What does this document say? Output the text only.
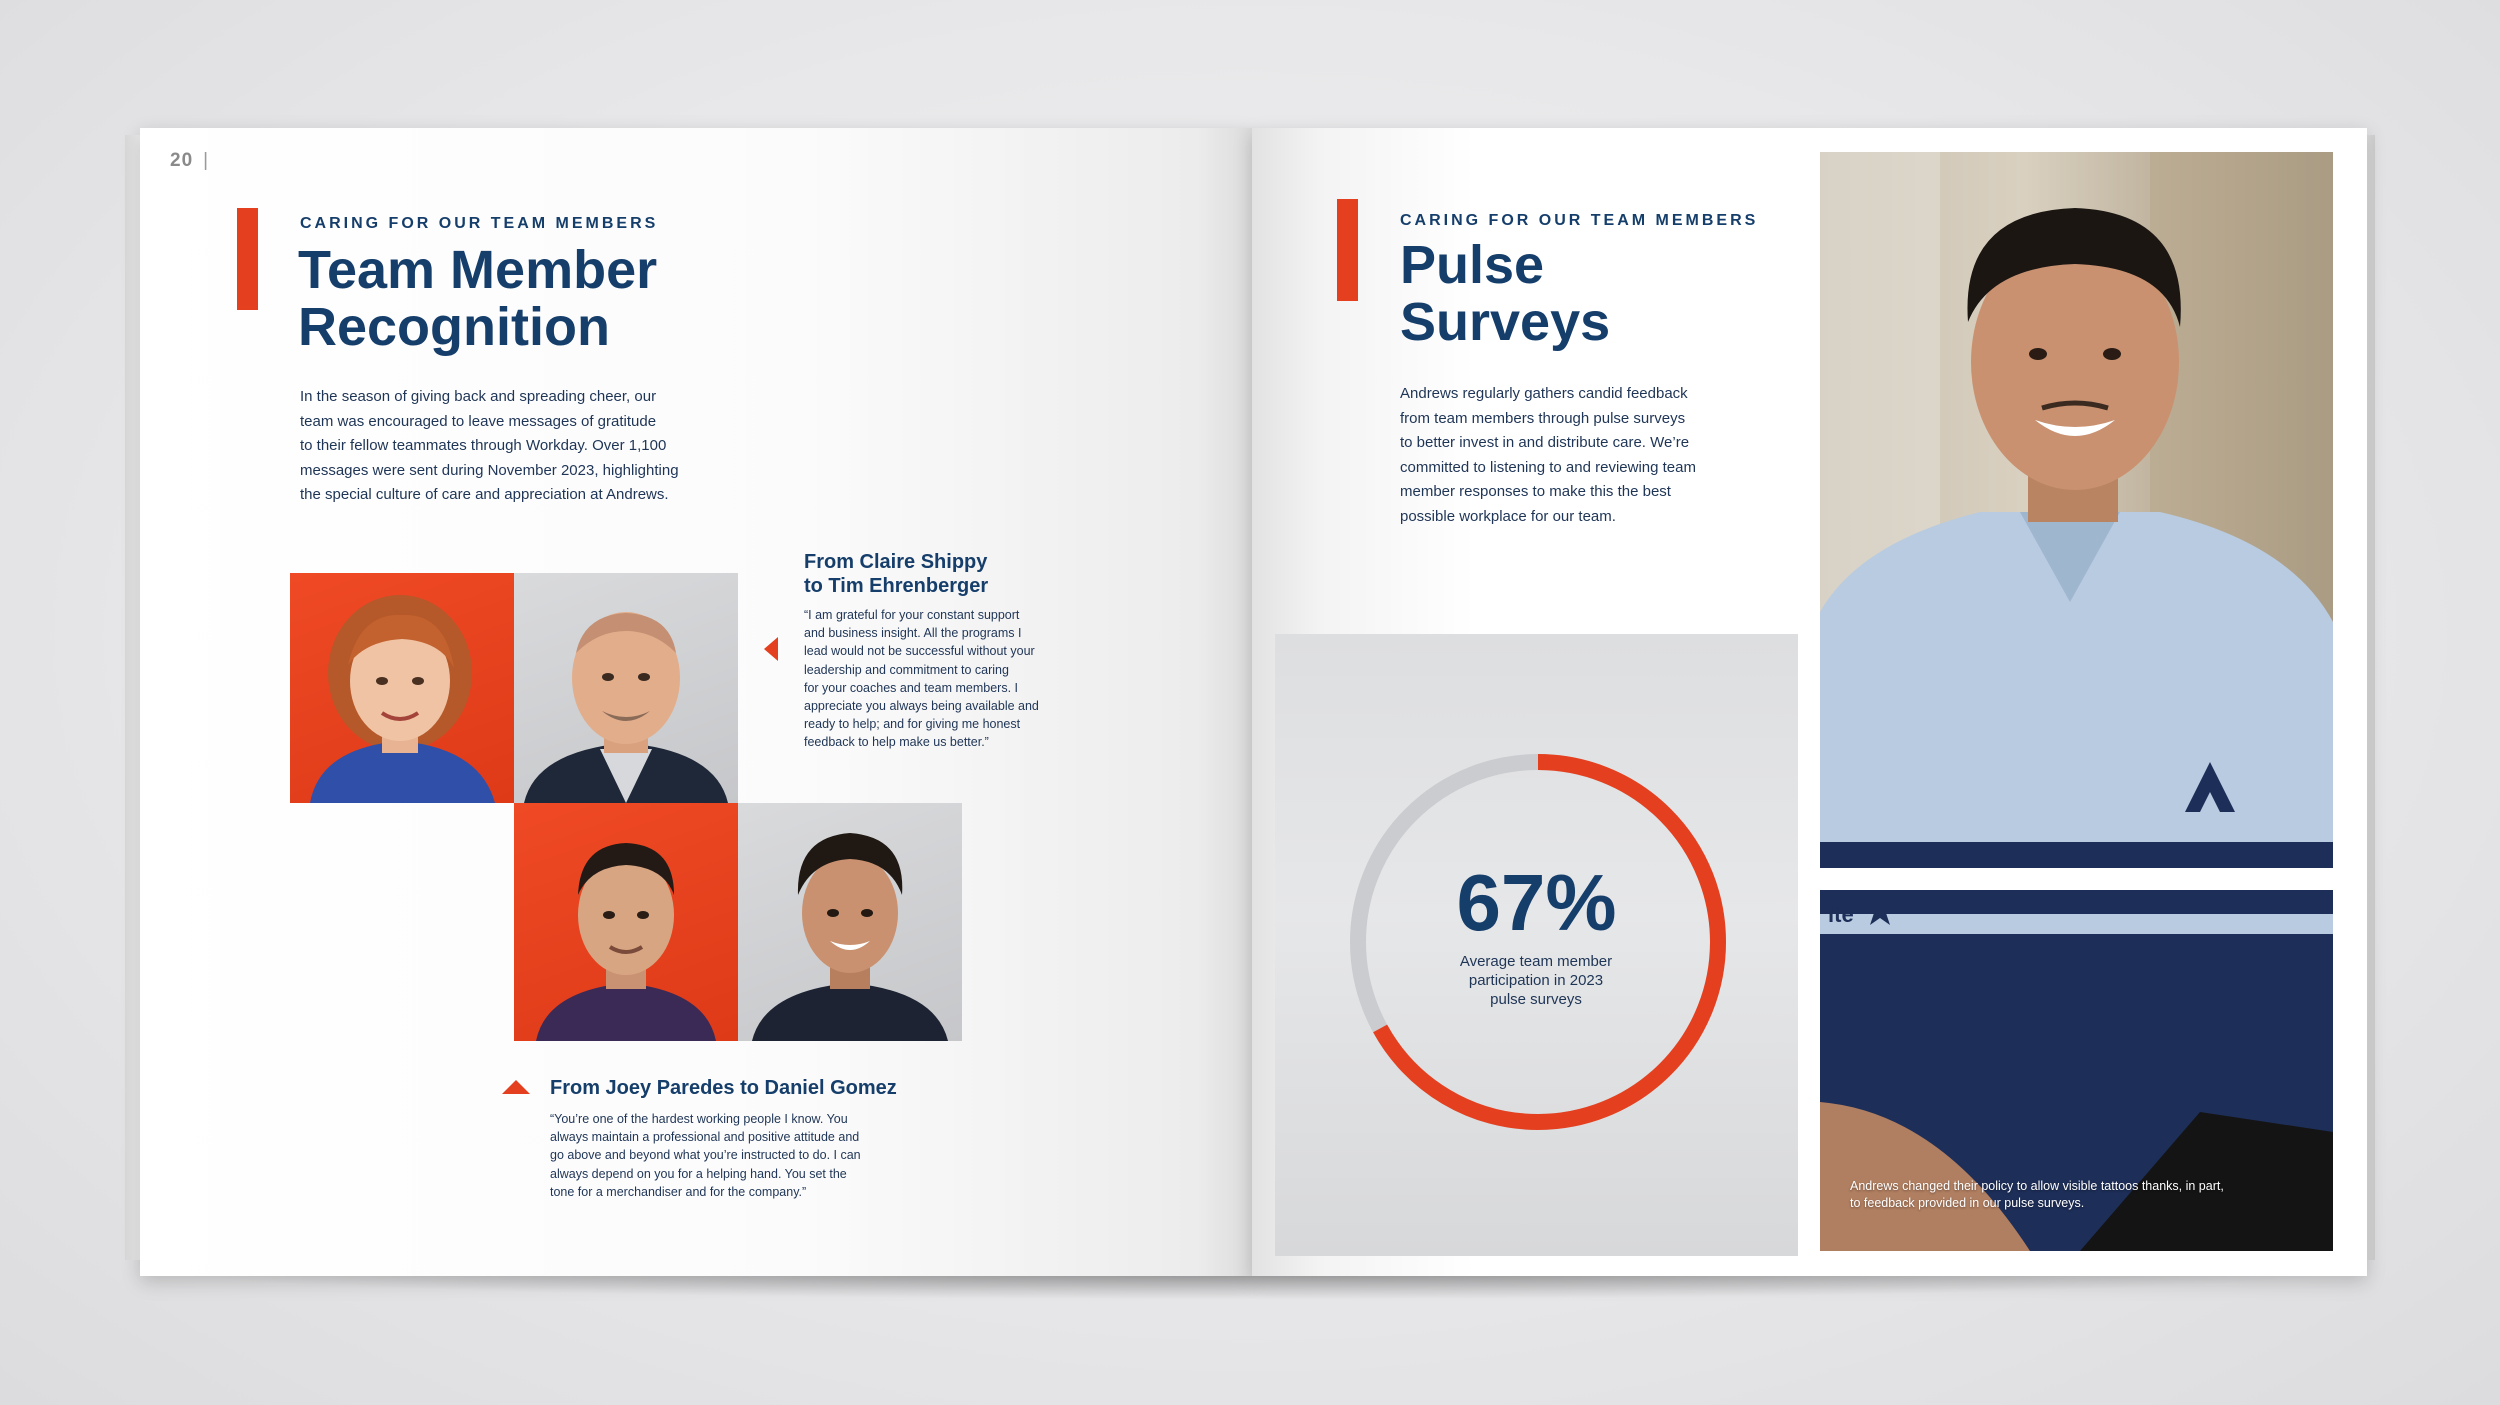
20 |
CARING FOR OUR TEAM MEMBERS
Team Member
Recognition
In the season of giving back and spreading cheer, our
team was encouraged to leave messages of gratitude
to their fellow teammates through Workday. Over 1,100
messages were sent during November 2023, highlighting
the special culture of care and appreciation at Andrews.
From Claire Shippy
to Tim Ehrenberger
“I am grateful for your constant support
and business insight. All the programs I
lead would not be successful without your
leadership and commitment to caring
for your coaches and team members. I
appreciate you always being available and
ready to help; and for giving me honest
feedback to help make us better.”
From Joey Paredes to Daniel Gomez
“You’re one of the hardest working people I know. You
always maintain a professional and positive attitude and
go above and beyond what you’re instructed to do. I can
always depend on you for a helping hand. You set the
tone for a merchandiser and for the company.”
CARING FOR OUR TEAM MEMBERS
Pulse
Surveys
Andrews regularly gathers candid feedback
from team members through pulse surveys
to better invest in and distribute care. We’re
committed to listening to and reviewing team
member responses to make this the best
possible workplace for our team.
67%
Average team member
participation in 2023
pulse surveys
ite
Andrews changed their policy to allow visible tattoos thanks, in part,
to feedback provided in our pulse surveys.
